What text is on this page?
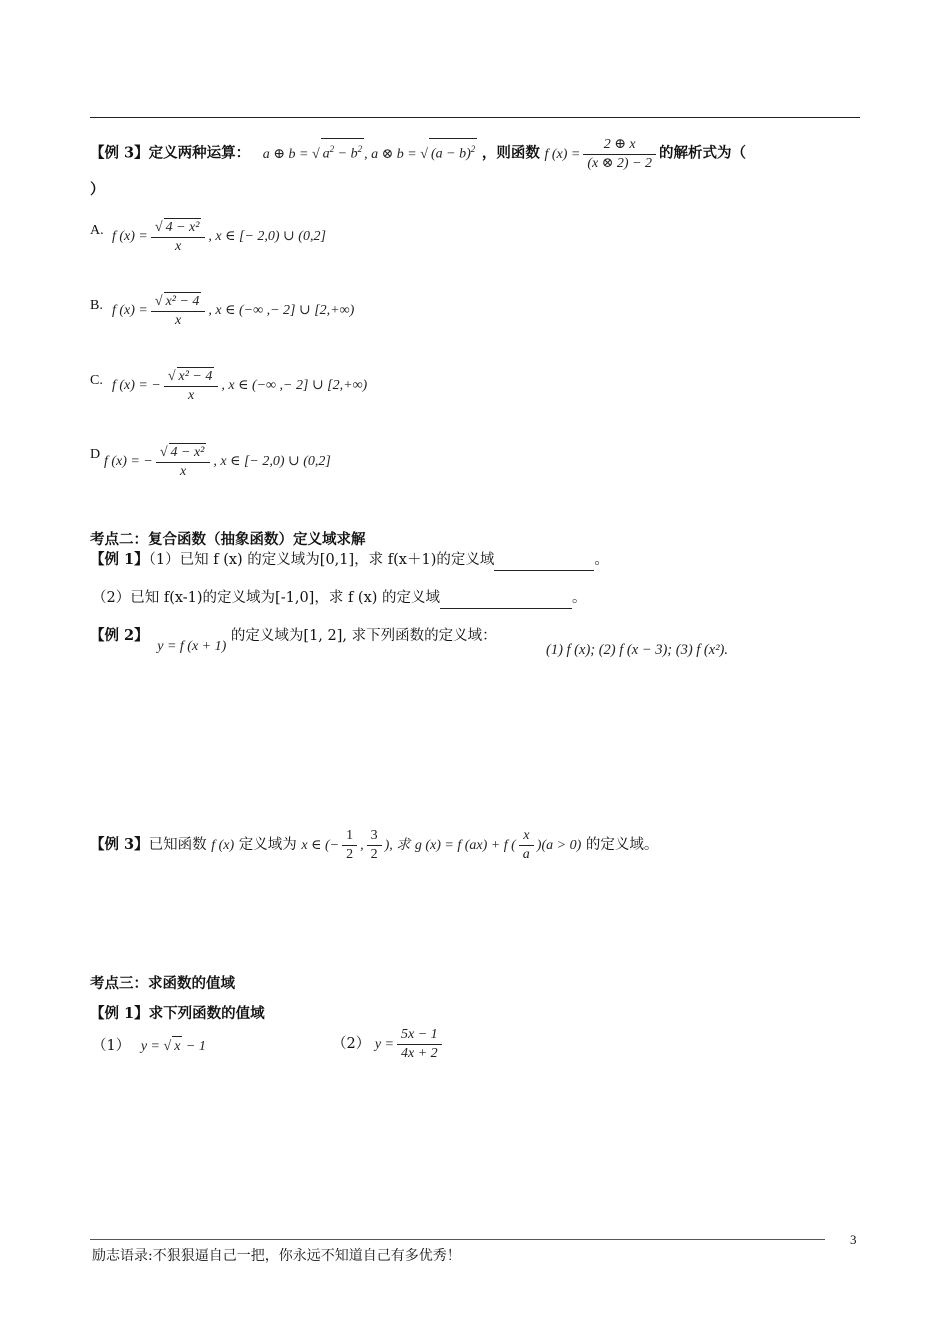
【例 3】定义两种运算： a ⊕ b = √ $a^2 - b^2$ , a ⊗ b = √ $(a - b)^2$ ，则函数 f $(x) = \frac{2 \oplus x}{(x \otimes 2) - 2}$ 的解析式为（
）
A. f $(x) = \frac{\text{√ 4 − x²}}{x}$ , x ∈ [− 2,0) ∪ (0,2]
B. f $(x) = \frac{\text{√ x² − 4}}{x}$ , x ∈ (−∞ ,− 2] ∪ [2,+∞)
C. f (x) = − $\frac{\text{√ x² − 4}}{x}$ , x ∈ (−∞ ,− 2] ∪ [2,+∞)
D f (x) = − $\frac{\text{√ 4 − x²}}{x}$ , x ∈ [− 2,0) ∪ (0,2]
考点二：复合函数（抽象函数）定义域求解
【例 1】（1）已知 f (x) 的定义域为[0,1]，求 f(x＋1)的定义域	。
（2）已知 f(x-1)的定义域为[-1,0]，求 f (x) 的定义域	。
【例 2】 y = f (x + 1) 的定义域为[1, 2], 求下列函数的定义域：
(1) f (x); (2) f (x − 3); (3) f (x²).
【例 3】已知函数 f (x) 定义域为 x ∈ (− $\frac{1}{2}$ , $\frac{3}{2}$ ), 求 g (x) = f (ax) + f ( $\frac{x}{a} )(a > 0)$ 的定义域。
考点三：求函数的值域
【例 1】求下列函数的值域
（1） y = √ x − 1	（2） $y = \frac{5x - 1}{4x + 2}$
3
励志语录:不狠狠逼自己一把，你永远不知道自己有多优秀！
